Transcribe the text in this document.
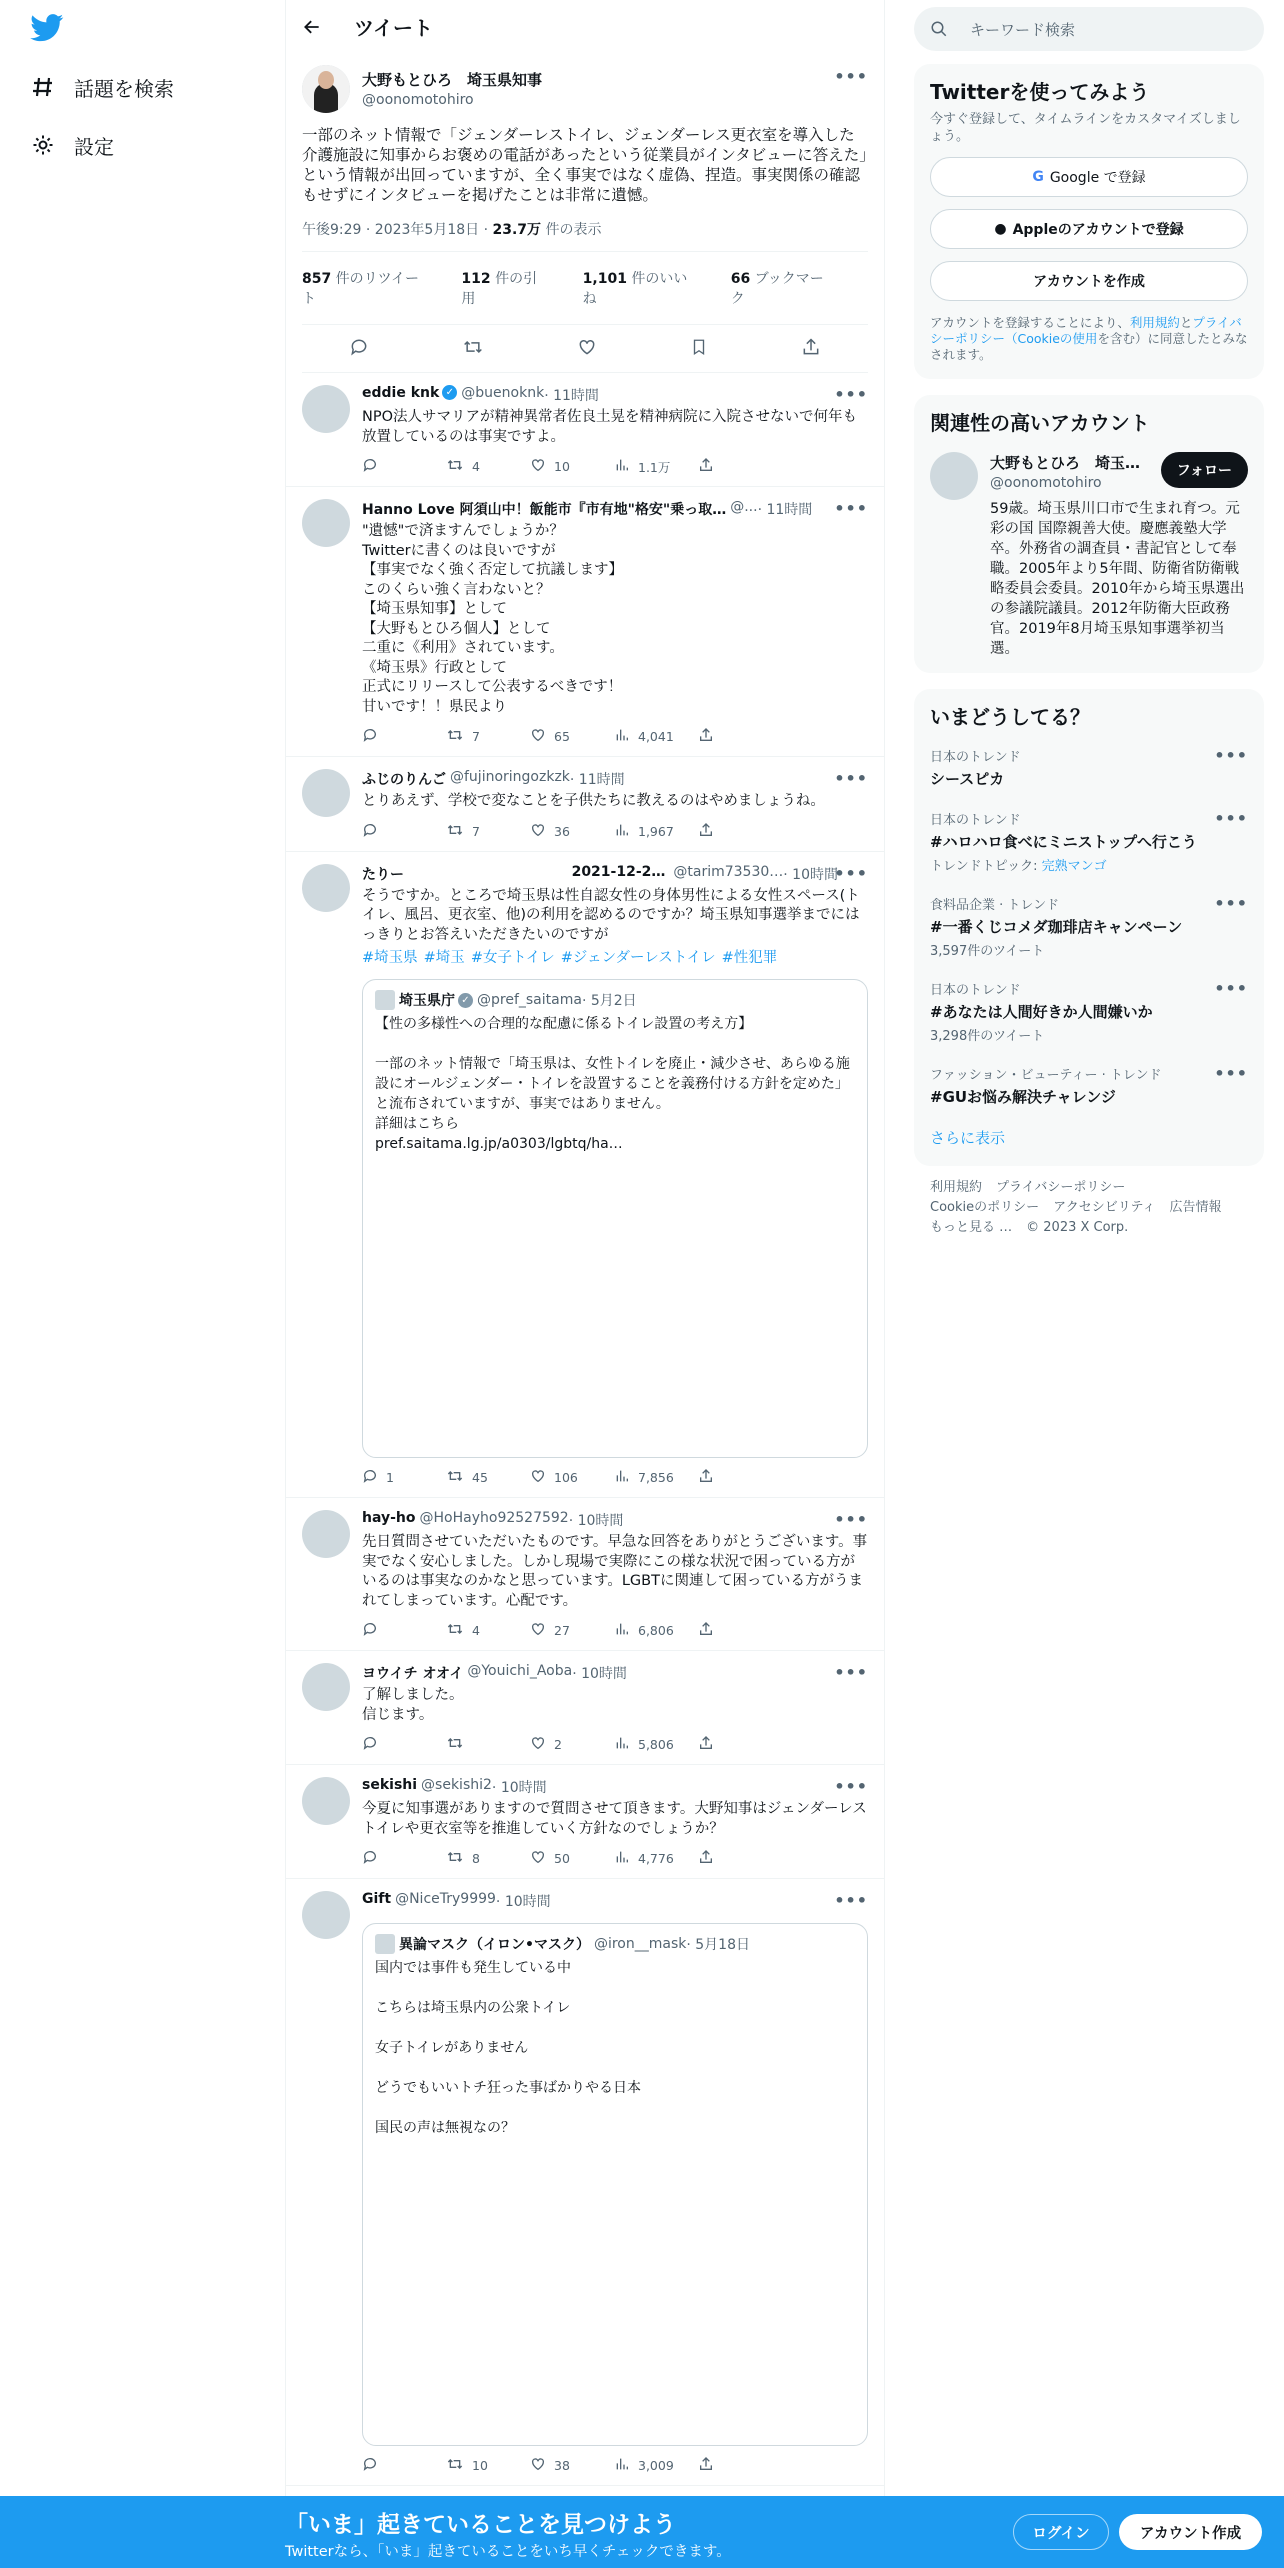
話題を検索
設定
ツイート
大野もとひろ　埼玉県知事
@oonomotohiro
•••
一部のネット情報で「ジェンダーレストイレ、ジェンダーレス更衣室を導入した介護施設に知事からお褒めの電話があったという従業員がインタビューに答えた」という情報が出回っていますが、全く事実ではなく虚偽、捏造。事実関係の確認もせずにインタビューを掲げたことは非常に遺憾。
午後9:29 · 2023年5月18日 · 23.7万 件の表示
857 件のリツイート
112 件の引用
1,101 件のいいね
66 ブックマーク
eddie knk ✓ @buenoknk · 11時間	•••
NPO法人サマリアが精神異常者佐良土晃を精神病院に入院させないで何年も放置しているのは事実ですよ。
4	10	1.1万
Hanno Love 阿須山中！飯能市『市有地"格安"乗っ取… @... · 11時間 •••
"遺憾"で済ますんでしょうか？
Twitterに書くのは良いですが
【事実でなく強く否定して抗議します】
このくらい強く言わないと？
【埼玉県知事】として
【大野もとひろ個人】として
二重に《利用》されています。
《埼玉県》行政として
正式にリリースして公表するべきです！
甘いです！！県民より
7	65	4,041
ふじのりんご @fujinoringozkzk · 11時間	•••
とりあえず、学校で変なことを子供たちに教えるのはやめましょうね。
7	36	1,967
たりー	2021-12-2… @tarim73530… · 10時間
•••
そうですか。ところで埼玉県は性自認女性の身体男性による女性スペース(トイレ、風呂、更衣室、他)の利用を認めるのですか？埼玉県知事選挙までにはっきりとお答えいただきたいのですが
#埼玉県 #埼玉 #女子トイレ #ジェンダーレストイレ #性犯罪
埼玉県庁 ✓ @pref_saitama · 5月2日
【性の多様性への合理的な配慮に係るトイレ設置の考え方】

一部のネット情報で「埼玉県は、女性トイレを廃止・減少させ、あらゆる施設にオールジェンダー・トイレを設置することを義務付ける方針を定めた」と流布されていますが、事実ではありません。
詳細はこちら
pref.saitama.lg.jp/a0303/lgbtq/ha…
1	45	106	7,856
hay-ho @HoHayho92527592 · 10時間	•••
先日質問させていただいたものです。早急な回答をありがとうございます。事実でなく安心しました。しかし現場で実際にこの様な状況で困っている方がいるのは事実なのかなと思っています。LGBTに関連して困っている方がうまれてしまっています。心配です。
4	27	6,806
ヨウイチ オオイ @Youichi_Aoba · 10時間	•••
了解しました。
信じます。
2	5,806
sekishi @sekishi2 · 10時間	•••
今夏に知事選がありますので質問させて頂きます。大野知事はジェンダーレストイレや更衣室等を推進していく方針なのでしょうか？
8	50	4,776
Gift @NiceTry9999 · 10時間	•••
異論マスク（イロン•マスク） @iron__mask · 5月18日
国内では事件も発生している中

こちらは埼玉県内の公衆トイレ

女子トイレがありません

どうでもいいトチ狂った事ばかりやる日本

国民の声は無視なの？
10	38	3,009
キーワード検索
Twitterを使ってみよう
今すぐ登録して、タイムラインをカスタマイズしましょう。
G Google で登録
● Appleのアカウントで登録
アカウントを作成
アカウントを登録することにより、利用規約とプライバシーポリシー（Cookieの使用を含む）に同意したとみなされます。
関連性の高いアカウント
大野もとひろ　埼玉…
@oonomotohiro
59歳。埼玉県川口市で生まれ育つ。元彩の国 国際親善大使。慶應義塾大学卒。外務省の調査員・書記官として奉職。2005年より5年間、防衛省防衛戦略委員会委員。2010年から埼玉県選出の参議院議員。2012年防衛大臣政務官。2019年8月埼玉県知事選挙初当選。
フォロー
いまどうしてる？
日本のトレンド
シースピカ
•••
日本のトレンド
#ハロハロ食べにミニストップへ行こう
トレンドトピック: 完熟マンゴ
•••
食料品企業 · トレンド
#一番くじコメダ珈琲店キャンペーン
3,597件のツイート
•••
日本のトレンド
#あなたは人間好きか人間嫌いか
3,298件のツイート
•••
ファッション・ビューティー · トレンド
#GUお悩み解決チャレンジ
•••
さらに表示
利用規約 プライバシーポリシー
Cookieのポリシー アクセシビリティ 広告情報
もっと見る … © 2023 X Corp.
「いま」起きていることを見つけよう
Twitterなら、「いま」起きていることをいち早くチェックできます。
ログイン	アカウント作成
